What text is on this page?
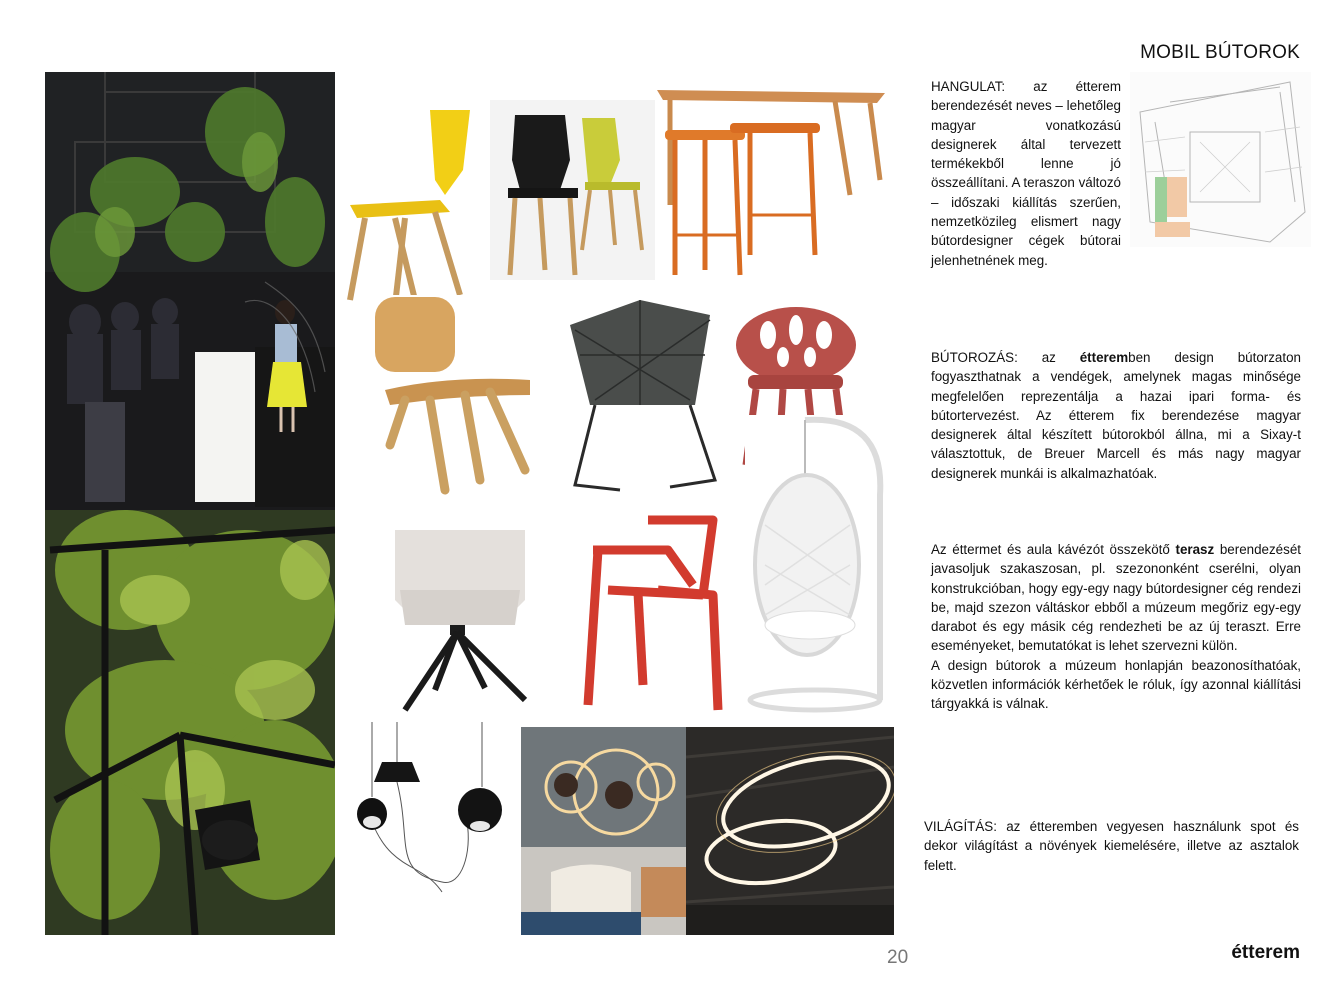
MOBIL BÚTOROK
HANGULAT: az étterem berendezését neves – lehetőleg magyar vonatkozású designerek által tervezett termékekből lenne jó összeállítani. A teraszon változó – időszaki kiállítás szerűen, nemzetközileg elismert nagy bútordesigner cégek bútorai jelenhetnének meg.
BÚTOROZÁS: az étteremben design bútorzaton fogyaszthatnak a vendégek, amelynek magas minősége megfelelően reprezentálja a hazai ipari forma- és bútortervezést. Az étterem fix berendezése magyar designerek által készített bútorokból állna, mi a Sixay-t választottuk, de Breuer Marcell és más nagy magyar designerek munkái is alkalmazhatóak.
Az éttermet és aula kávézót összekötő terasz berendezését javasoljuk szakaszosan, pl. szezononként cserélni, olyan konstrukcióban, hogy egy-egy nagy bútordesigner cég rendezi be, majd szezon váltáskor ebből a múzeum megőriz egy-egy darabot és egy másik cég rendezheti be az új teraszt. Erre eseményeket, bemutatókat is lehet szervezni külön.
A design bútorok a múzeum honlapján beazonosíthatóak, közvetlen információk kérhetőek le róluk, így azonnal kiállítási tárgyakká is válnak.
VILÁGÍTÁS: az étteremben vegyesen használunk spot és dekor világítást a növények kiemelésére, illetve az asztalok felett.
20	étterem
